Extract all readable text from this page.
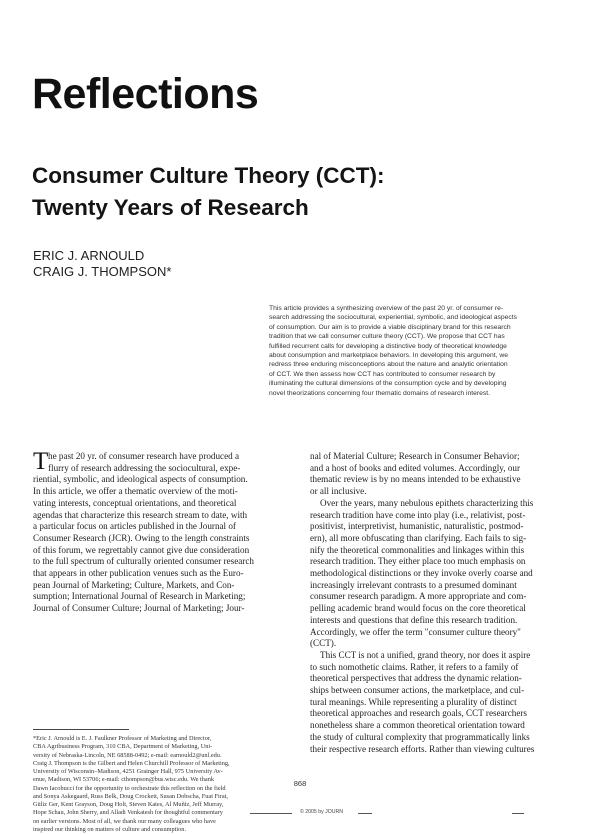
Reflections
Consumer Culture Theory (CCT):
Twenty Years of Research
ERIC J. ARNOULD
CRAIG J. THOMPSON*
This article provides a synthesizing overview of the past 20 yr. of consumer re-
search addressing the sociocultural, experiential, symbolic, and ideological aspects
of consumption. Our aim is to provide a viable disciplinary brand for this research
tradition that we call consumer culture theory (CCT). We propose that CCT has
fulfilled recurrent calls for developing a distinctive body of theoretical knowledge
about consumption and marketplace behaviors. In developing this argument, we
redress three enduring misconceptions about the nature and analytic orientation
of CCT. We then assess how CCT has contributed to consumer research by
illuminating the cultural dimensions of the consumption cycle and by developing
novel theorizations concerning four thematic domains of research interest.
T he past 20 yr. of consumer research have produced a
flurry of research addressing the sociocultural, expe-
riential, symbolic, and ideological aspects of consumption.
In this article, we offer a thematic overview of the moti-
vating interests, conceptual orientations, and theoretical
agendas that characterize this research stream to date, with
a particular focus on articles published in the Journal of
Consumer Research (JCR). Owing to the length constraints
of this forum, we regrettably cannot give due consideration
to the full spectrum of culturally oriented consumer research
that appears in other publication venues such as the Euro-
pean Journal of Marketing; Culture, Markets, and Con-
sumption; International Journal of Research in Marketing;
Journal of Consumer Culture; Journal of Marketing; Jour-
*Eric J. Arnould is E. J. Faulkner Professor of Marketing and Director,
CBA Agribusiness Program, 310 CBA, Department of Marketing, Uni-
versity of Nebraska-Lincoln, NE 68588-0492; e-mail: earnould2@unl.edu.
Craig J. Thompson is the Gilbert and Helen Churchill Professor of Marketing,
University of Wisconsin–Madison, 4251 Grainger Hall, 975 University Av-
enue, Madison, WI 53706; e-mail: cthompson@bus.wisc.edu. We thank
Dawn Iacobucci for the opportunity to orchestrate this reflection on the field
and Sonya Askegaard, Russ Belk, Doug Crockett, Susan Dobscha, Fuat Firat,
Güliz Ger, Kent Grayson, Doug Holt, Steven Kates, Al Muñiz, Jeff Murray,
Hope Schau, John Sherry, and Alladi Venkatesh for thoughtful commentary
on earlier versions. Most of all, we thank our many colleagues who have
inspired our thinking on matters of culture and consumption.
nal of Material Culture; Research in Consumer Behavior;
and a host of books and edited volumes. Accordingly, our
thematic review is by no means intended to be exhaustive
or all inclusive.
Over the years, many nebulous epithets characterizing this
research tradition have come into play (i.e., relativist, post-
positivist, interpretivist, humanistic, naturalistic, postmod-
ern), all more obfuscating than clarifying. Each fails to sig-
nify the theoretical commonalities and linkages within this
research tradition. They either place too much emphasis on
methodological distinctions or they invoke overly coarse and
increasingly irrelevant contrasts to a presumed dominant
consumer research paradigm. A more appropriate and com-
pelling academic brand would focus on the core theoretical
interests and questions that define this research tradition.
Accordingly, we offer the term "consumer culture theory"
(CCT).
This CCT is not a unified, grand theory, nor does it aspire
to such nomothetic claims. Rather, it refers to a family of
theoretical perspectives that address the dynamic relation-
ships between consumer actions, the marketplace, and cul-
tural meanings. While representing a plurality of distinct
theoretical approaches and research goals, CCT researchers
nonetheless share a common theoretical orientation toward
the study of cultural complexity that programmatically links
their respective research efforts. Rather than viewing cultures
868
© 2005 by JOURN
